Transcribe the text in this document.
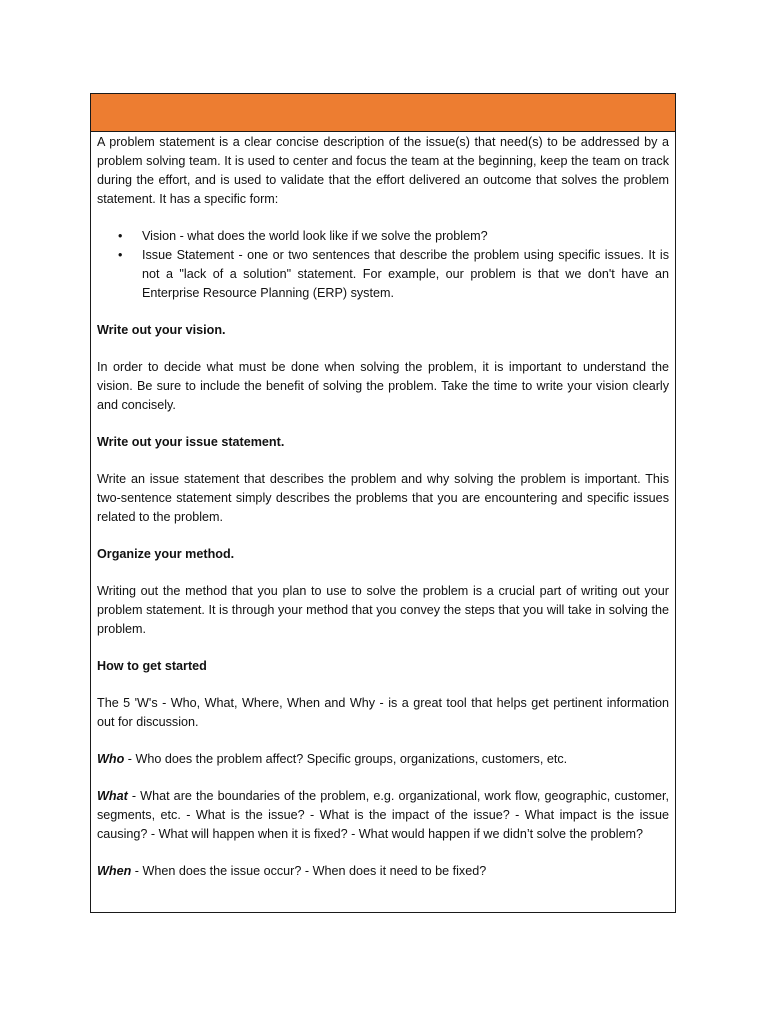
A problem statement is a clear concise description of the issue(s) that need(s) to be addressed by a problem solving team. It is used to center and focus the team at the beginning, keep the team on track during the effort, and is used to validate that the effort delivered an outcome that solves the problem statement. It has a specific form:

• Vision - what does the world look like if we solve the problem?
• Issue Statement - one or two sentences that describe the problem using specific issues. It is not a "lack of a solution" statement. For example, our problem is that we don't have an Enterprise Resource Planning (ERP) system.

Write out your vision.

In order to decide what must be done when solving the problem, it is important to understand the vision. Be sure to include the benefit of solving the problem. Take the time to write your vision clearly and concisely.

Write out your issue statement.

Write an issue statement that describes the problem and why solving the problem is important. This two-sentence statement simply describes the problems that you are encountering and specific issues related to the problem.

Organize your method.

Writing out the method that you plan to use to solve the problem is a crucial part of writing out your problem statement. It is through your method that you convey the steps that you will take in solving the problem.

How to get started

The 5 'W's - Who, What, Where, When and Why - is a great tool that helps get pertinent information out for discussion.

Who - Who does the problem affect? Specific groups, organizations, customers, etc.

What - What are the boundaries of the problem, e.g. organizational, work flow, geographic, customer, segments, etc. - What is the issue? - What is the impact of the issue? - What impact is the issue causing? - What will happen when it is fixed? - What would happen if we didn’t solve the problem?

When - When does the issue occur? - When does it need to be fixed?
